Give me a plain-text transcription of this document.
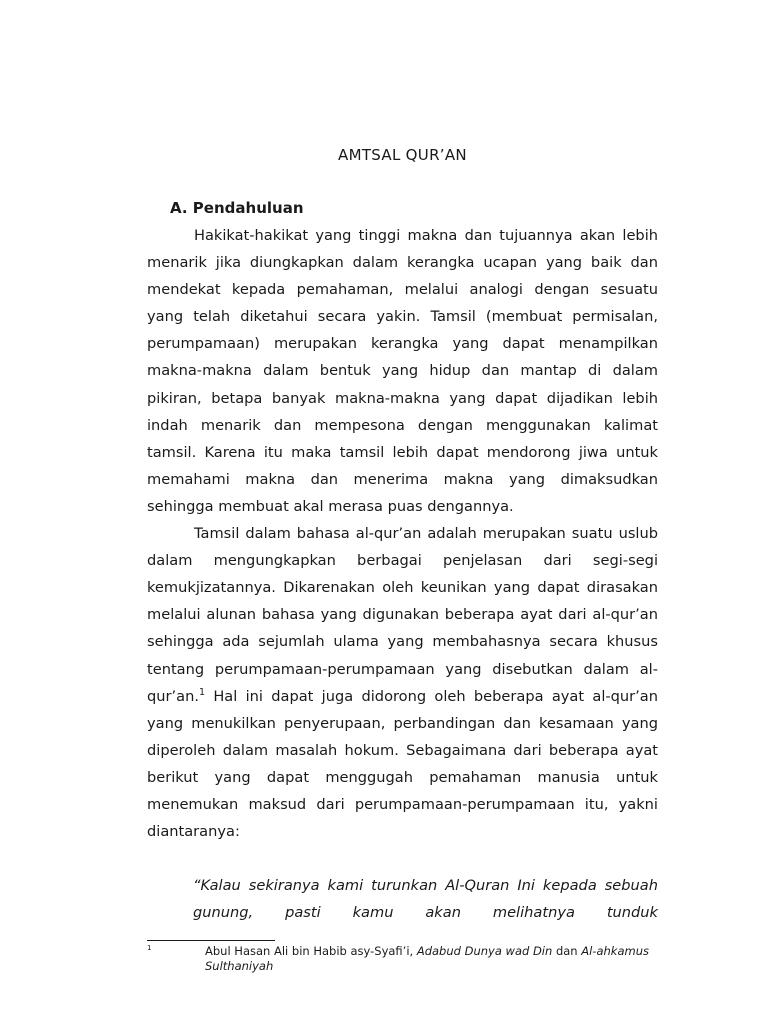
AMTSAL QUR’AN
A. Pendahuluan

Hakikat-hakikat yang tinggi makna dan tujuannya akan lebih menarik jika diungkapkan dalam kerangka ucapan yang baik dan mendekat kepada pemahaman, melalui analogi dengan sesuatu yang telah diketahui secara yakin. Tamsil (membuat permisalan, perumpamaan) merupakan kerangka yang dapat menampilkan makna-makna dalam bentuk yang hidup dan mantap di dalam pikiran, betapa banyak makna-makna yang dapat dijadikan lebih indah menarik dan mempesona dengan menggunakan kalimat tamsil. Karena itu maka tamsil lebih dapat mendorong jiwa untuk memahami makna dan menerima makna yang dimaksudkan sehingga membuat akal merasa puas dengannya.

Tamsil dalam bahasa al-qur’an adalah merupakan suatu uslub dalam mengungkapkan berbagai penjelasan dari segi-segi kemukjizatannya. Dikarenakan oleh keunikan yang dapat dirasakan melalui alunan bahasa yang digunakan beberapa ayat dari al-qur’an sehingga ada sejumlah ulama yang membahasnya secara khusus tentang perumpamaan-perumpamaan yang disebutkan dalam al-qur’an.$^1$ Hal ini dapat juga didorong oleh beberapa ayat al-qur’an yang menukilkan penyerupaan, perbandingan dan kesamaan yang diperoleh dalam masalah hokum. Sebagaimana dari beberapa ayat berikut yang dapat menggugah pemahaman manusia untuk menemukan maksud dari perumpamaan-perumpamaan itu, yakni diantaranya:

“Kalau sekiranya kami turunkan Al-Quran Ini kepada sebuah gunung, pasti kamu akan melihatnya tunduk

1	Abul Hasan Ali bin Habib asy-Syafi’i, Adabud Dunya wad Din dan Al-ahkamus Sulthaniyah
